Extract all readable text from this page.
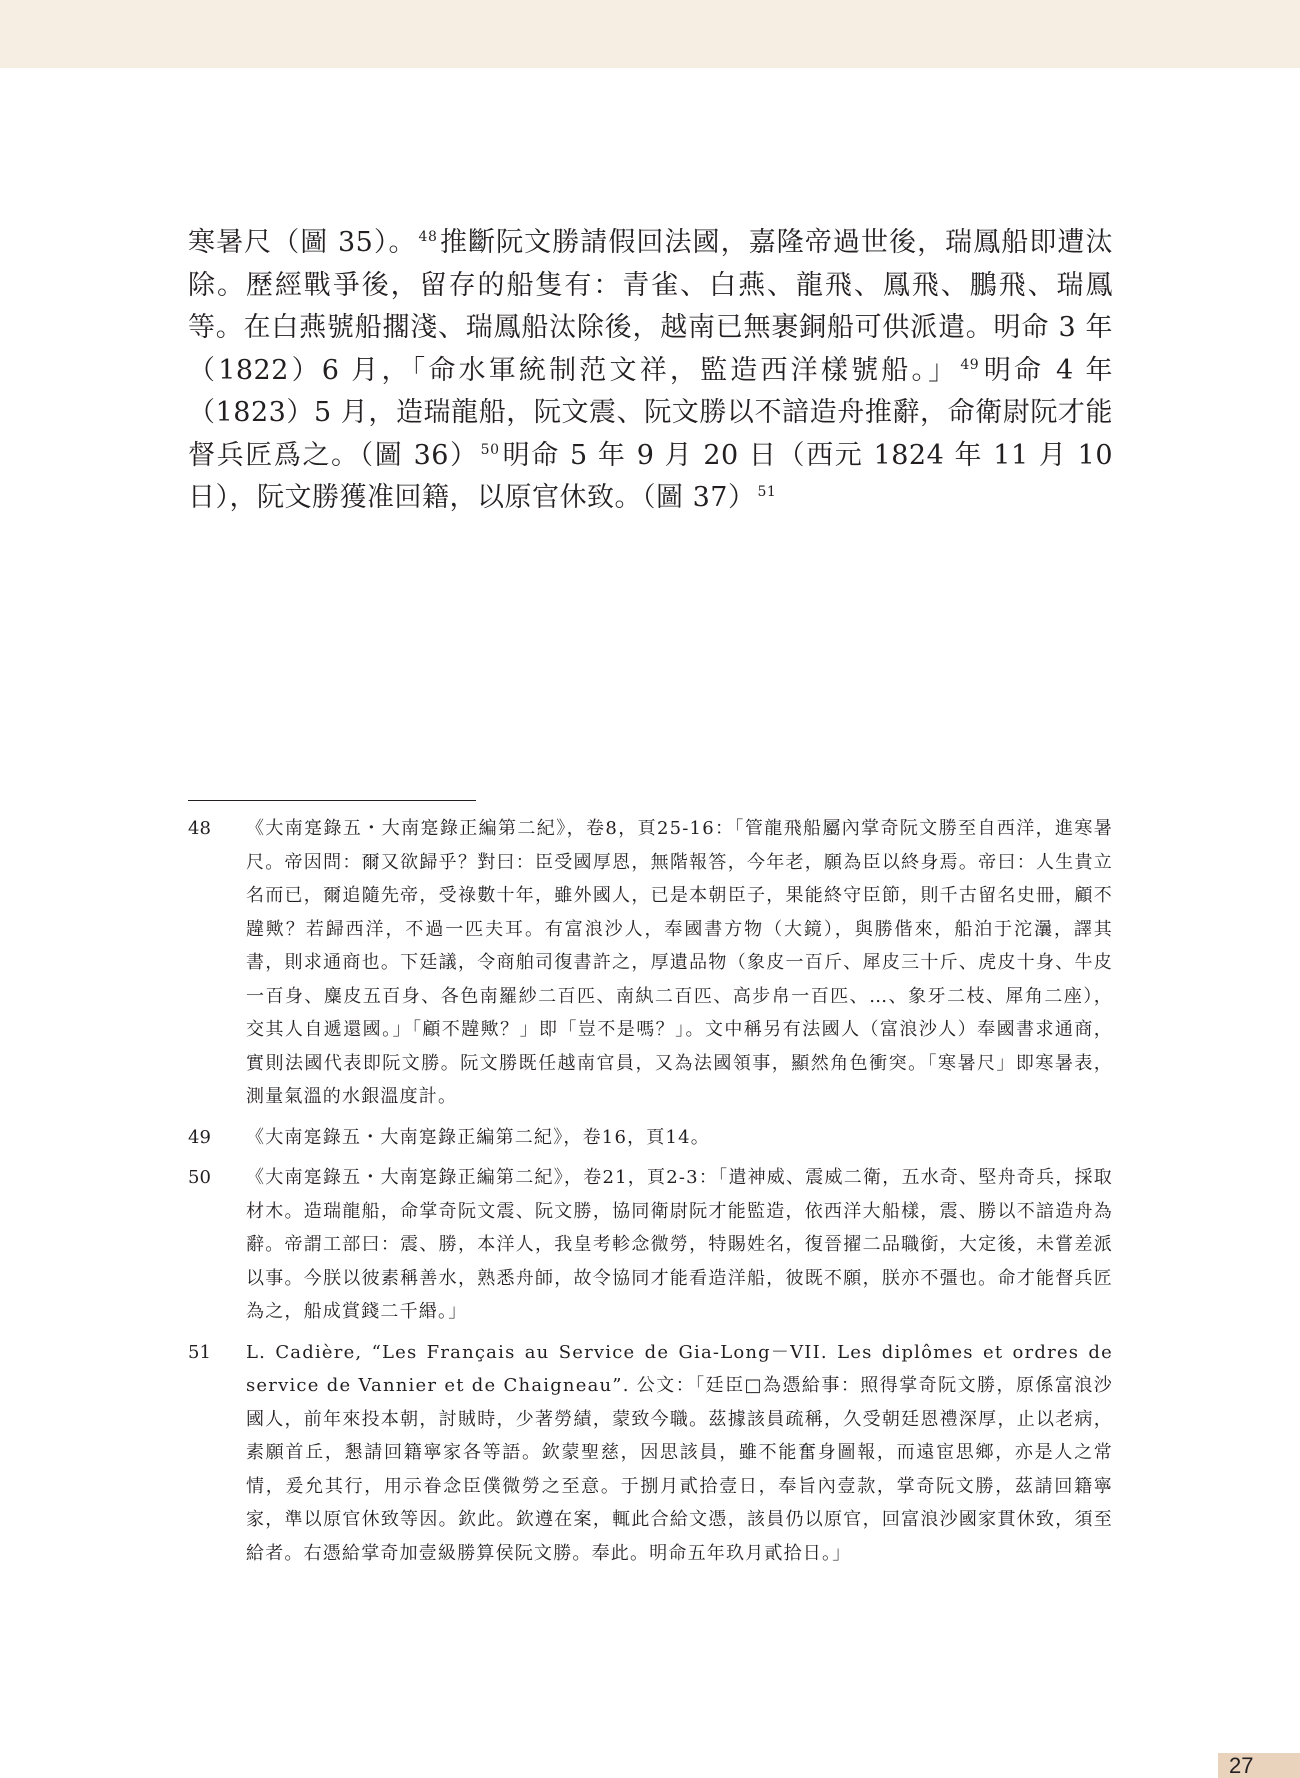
寒暑尺（圖 35）。 $^{48}$推斷阮文勝請假回法國，嘉隆帝過世後，瑞鳳船即遭汰除。歷經戰爭後，留存的船隻有：青雀、白燕、龍飛、鳳飛、鵬飛、瑞鳳等。在白燕號船擱淺、瑞鳳船汰除後，越南已無裹銅船可供派遣。明命 3 年（1822）6 月，「命水軍統制范文祥，監造西洋樣號船。」 $^{49}$明命 4 年（1823）5 月，造瑞龍船，阮文震、阮文勝以不諳造舟推辭，命衛尉阮才能督兵匠爲之。（圖 36） $^{50}$明命 5 年 9 月 20 日（西元 1824 年 11 月 10 日），阮文勝獲准回籍，以原官休致。（圖 37） $^{51}$

48	《大南寔錄五・大南寔錄正編第二紀》，卷8，頁25-16：「管龍飛船屬內掌奇阮文勝至自西洋，進寒暑尺。帝因問：爾又欲歸乎？對曰：臣受國厚恩，無階報答，今年老，願為臣以終身焉。帝曰：人生貴立名而已，爾追隨先帝，受祿數十年，雖外國人，已是本朝臣子，果能終守臣節，則千古留名史冊，顧不韙歟？若歸西洋，不過一匹夫耳。有富浪沙人，奉國書方物（大鏡），與勝偕來，船泊于沱㶞，譯其書，則求通商也。下廷議，令商舶司復書許之，厚遺品物（象皮一百斤、犀皮三十斤、虎皮十身、牛皮一百身、麋皮五百身、各色南羅紗二百匹、南紈二百匹、高步帛一百匹、…、象牙二枝、犀角二座），交其人自遞還國。」「顧不韙歟？」即「豈不是嗎？」。文中稱另有法國人（富浪沙人）奉國書求通商，實則法國代表即阮文勝。阮文勝既任越南官員，又為法國領事，顯然角色衝突。「寒暑尺」即寒暑表，測量氣溫的水銀溫度計。
49	《大南寔錄五・大南寔錄正編第二紀》，卷16，頁14。
50	《大南寔錄五・大南寔錄正編第二紀》，卷21，頁2-3：「遣神威、震威二衛，五水奇、堅舟奇兵，採取材木。造瑞龍船，命掌奇阮文震、阮文勝，協同衛尉阮才能監造，依西洋大船樣，震、勝以不諳造舟為辭。帝謂工部曰：震、勝，本洋人，我皇考軫念微勞，特賜姓名，復晉擢二品職銜，大定後，未嘗差派以事。今朕以彼素稱善水，熟悉舟師，故令協同才能看造洋船，彼既不願，朕亦不彊也。命才能督兵匠為之，船成賞錢二千緡。」
51	L. Cadière, “Les Français au Service de Gia-Long－VII. Les diplômes et ordres de service de Vannier et de Chaigneau”. 公文：「廷臣□為憑給事：照得掌奇阮文勝，原係富浪沙國人，前年來投本朝，討賊時，少著勞績，蒙致今職。茲據該員疏稱，久受朝廷恩禮深厚，止以老病，素願首丘，懇請回籍寧家各等語。欽蒙聖慈，因思該員，雖不能奮身圖報，而遠宦思鄉，亦是人之常情，爰允其行，用示眷念臣僕微勞之至意。于捌月貳拾壹日，奉旨內壹款，掌奇阮文勝，茲請回籍寧家，準以原官休致等因。欽此。欽遵在案，輒此合給文憑，該員仍以原官，回富浪沙國家貫休致，須至給者。右憑給掌奇加壹級勝算侯阮文勝。奉此。明命五年玖月貳拾日。」
27
